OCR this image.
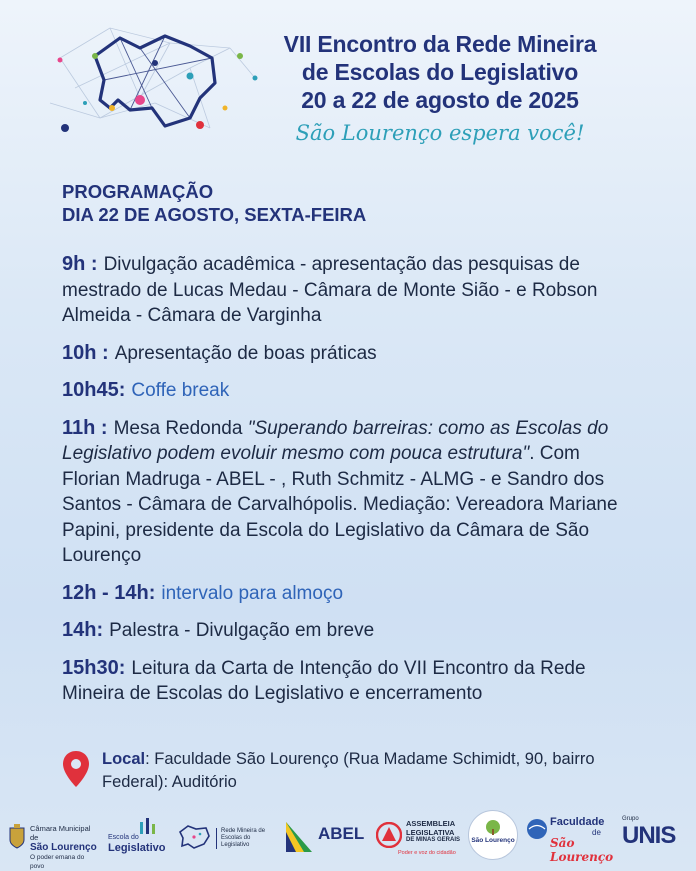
VII Encontro da Rede Mineira
de Escolas do Legislativo
20 a 22 de agosto de 2025
São Lourenço espera você!
PROGRAMAÇÃO
DIA 22 DE AGOSTO, SEXTA-FEIRA
9h : Divulgação acadêmica - apresentação das pesquisas de mestrado de Lucas Medau - Câmara de Monte Sião - e Robson Almeida - Câmara de Varginha
10h : Apresentação de boas práticas
10h45: Coffe break
11h : Mesa Redonda "Superando barreiras: como as Escolas do Legislativo podem evoluir mesmo com pouca estrutura". Com Florian Madruga - ABEL - , Ruth Schmitz - ALMG - e Sandro dos Santos - Câmara de Carvalhópolis. Mediação: Vereadora Mariane Papini, presidente da Escola do Legislativo da Câmara de São Lourenço
12h - 14h: intervalo para almoço
14h: Palestra - Divulgação em breve
15h30: Leitura da Carta de Intenção do VII Encontro da Rede Mineira de Escolas do Legislativo e encerramento
Local: Faculdade São Lourenço (Rua Madame Schimidt, 90, bairro Federal): Auditório
Câmara Municipal de
São Lourenço
O poder emana do povo
Escola do
Legislativo
Rede Mineira de
Escolas do Legislativo
ABEL
ASSEMBLEIA
LEGISLATIVA
DE MINAS GERAIS
Poder e voz do cidadão
São Lourenço
Faculdade
de
São Lourenço
Grupo
UNIS
